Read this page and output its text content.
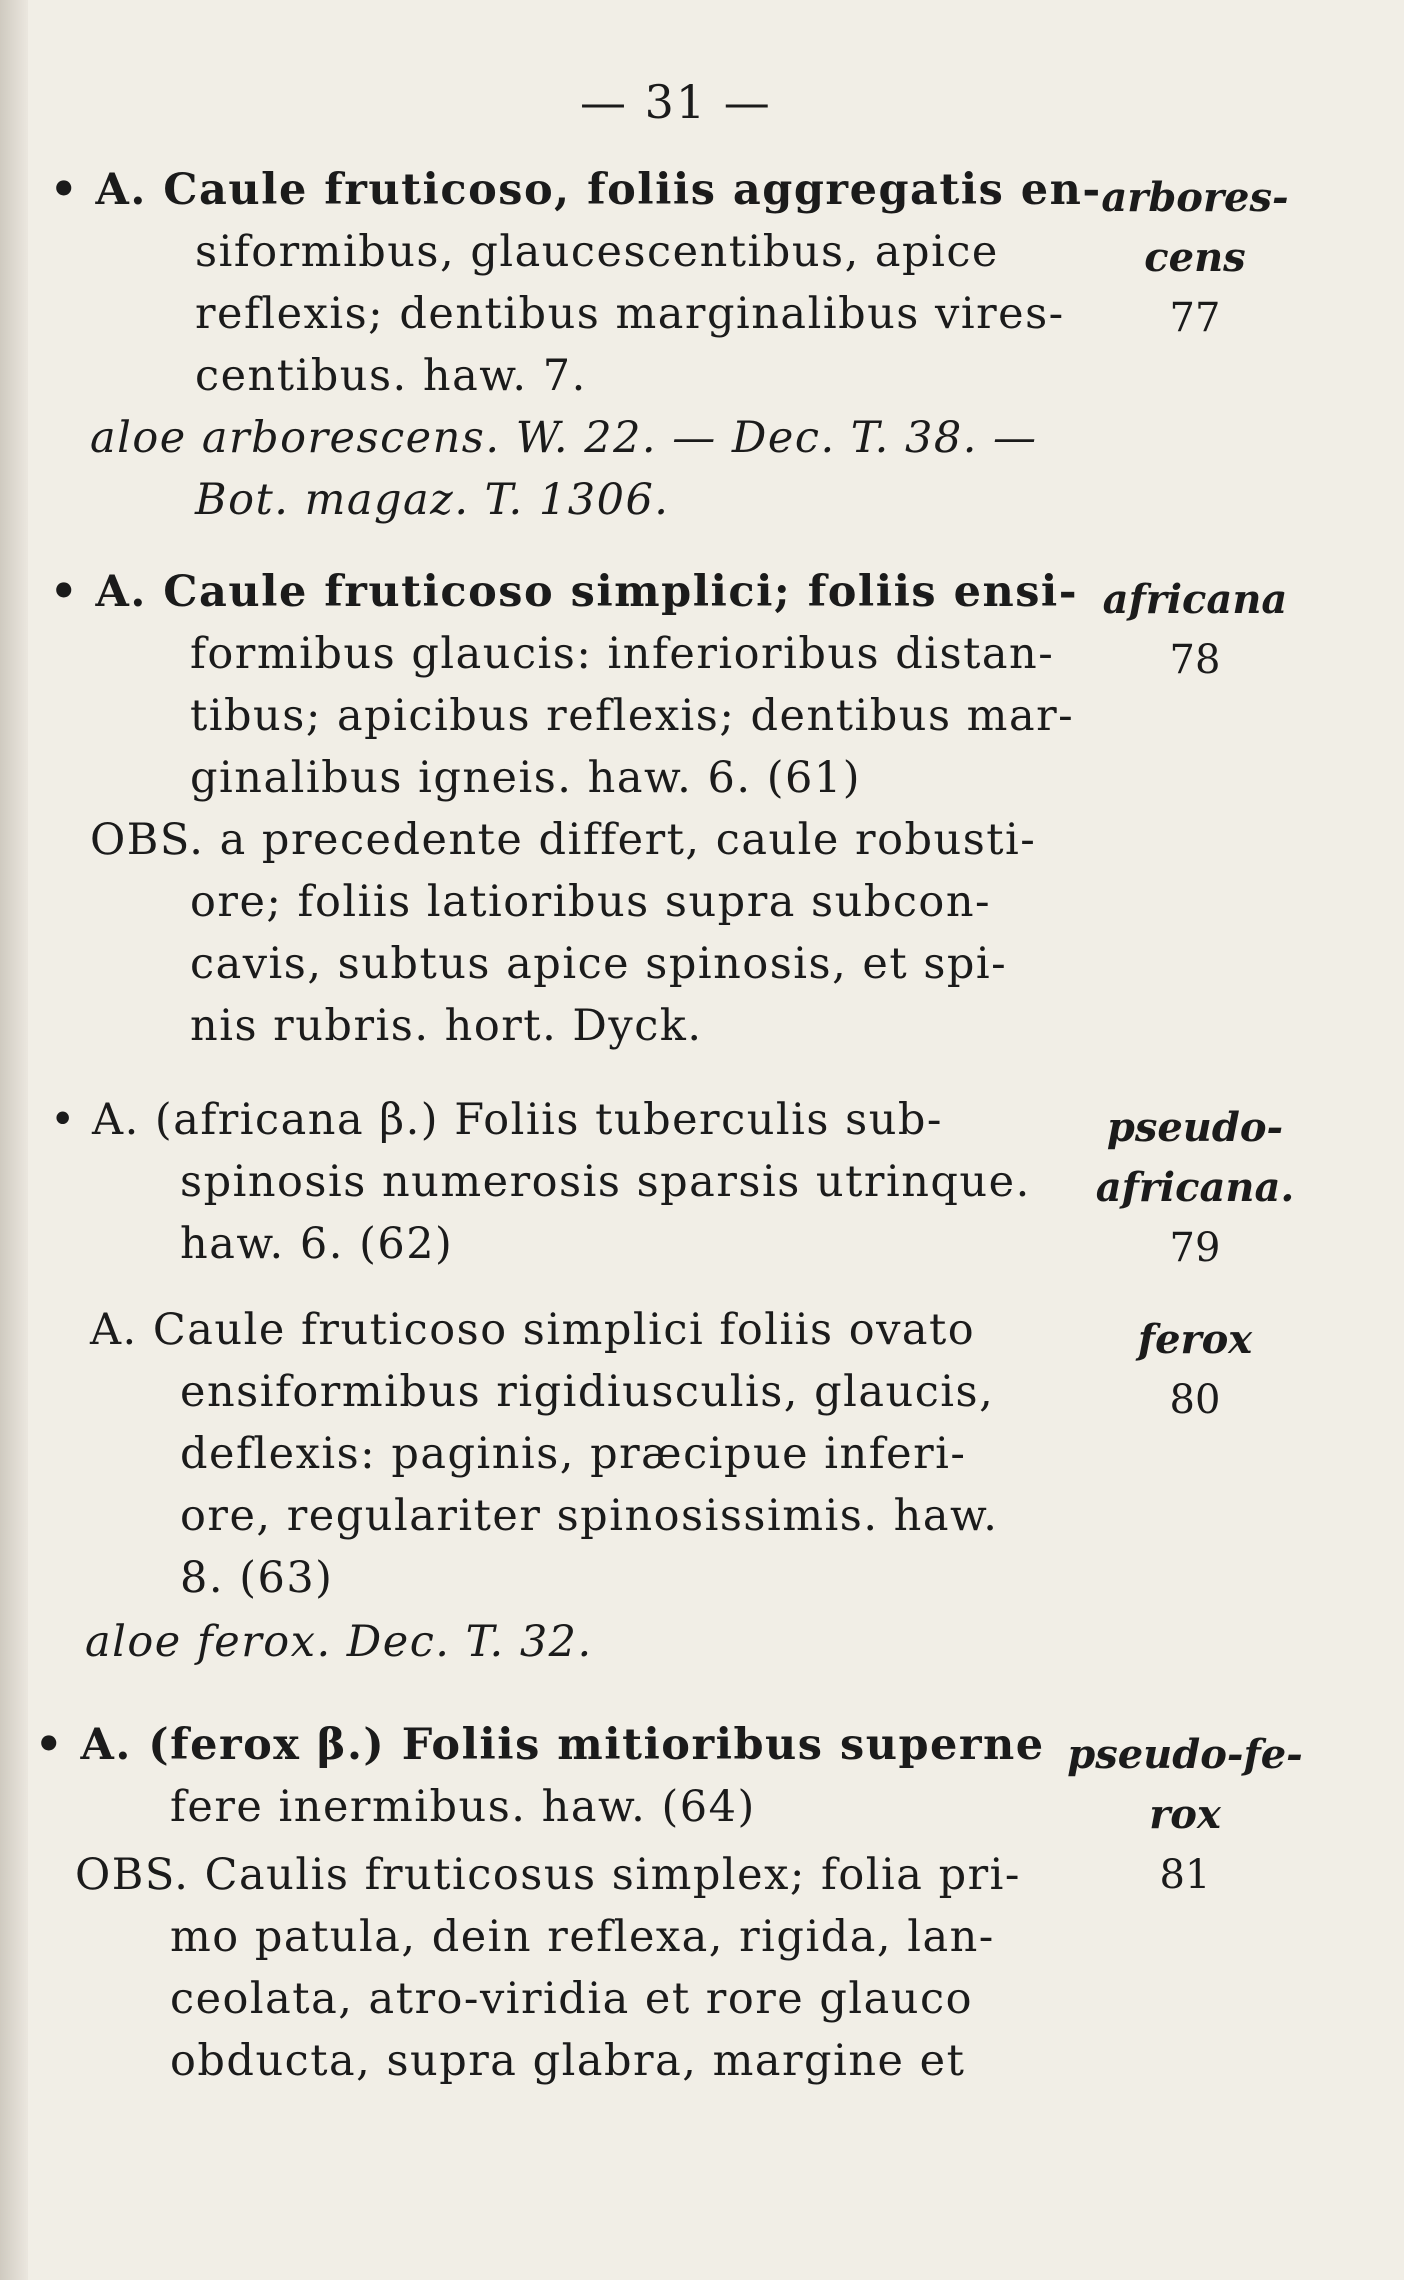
— 31 —
• A. Caule fruticoso, foliis aggregatis en-
siformibus, glaucescentibus, apice
reflexis; dentibus marginalibus vires-
centibus. haw. 7.
aloe arborescens. W. 22. — Dec. T. 38. —
Bot. magaz. T. 1306.
arbores-
cens
77
• A. Caule fruticoso simplici; foliis ensi-
formibus glaucis: inferioribus distan-
tibus; apicibus reflexis; dentibus mar-
ginalibus igneis. haw. 6. (61)
OBS. a precedente differt, caule robusti-
ore; foliis latioribus supra subcon-
cavis, subtus apice spinosis, et spi-
nis rubris. hort. Dyck.
africana
78
• A. (africana β.) Foliis tuberculis sub-
spinosis numerosis sparsis utrinque.
haw. 6. (62)
pseudo-
africana.
79
A. Caule fruticoso simplici foliis ovato
ensiformibus rigidiusculis, glaucis,
deflexis: paginis, præcipue inferi-
ore, regulariter spinosissimis. haw.
8. (63)
aloe ferox. Dec. T. 32.
ferox
80
• A. (ferox β.) Foliis mitioribus superne
fere inermibus. haw. (64)
OBS. Caulis fruticosus simplex; folia pri-
mo patula, dein reflexa, rigida, lan-
ceolata, atro-viridia et rore glauco
obducta, supra glabra, margine et
pseudo-fe-
rox
81
